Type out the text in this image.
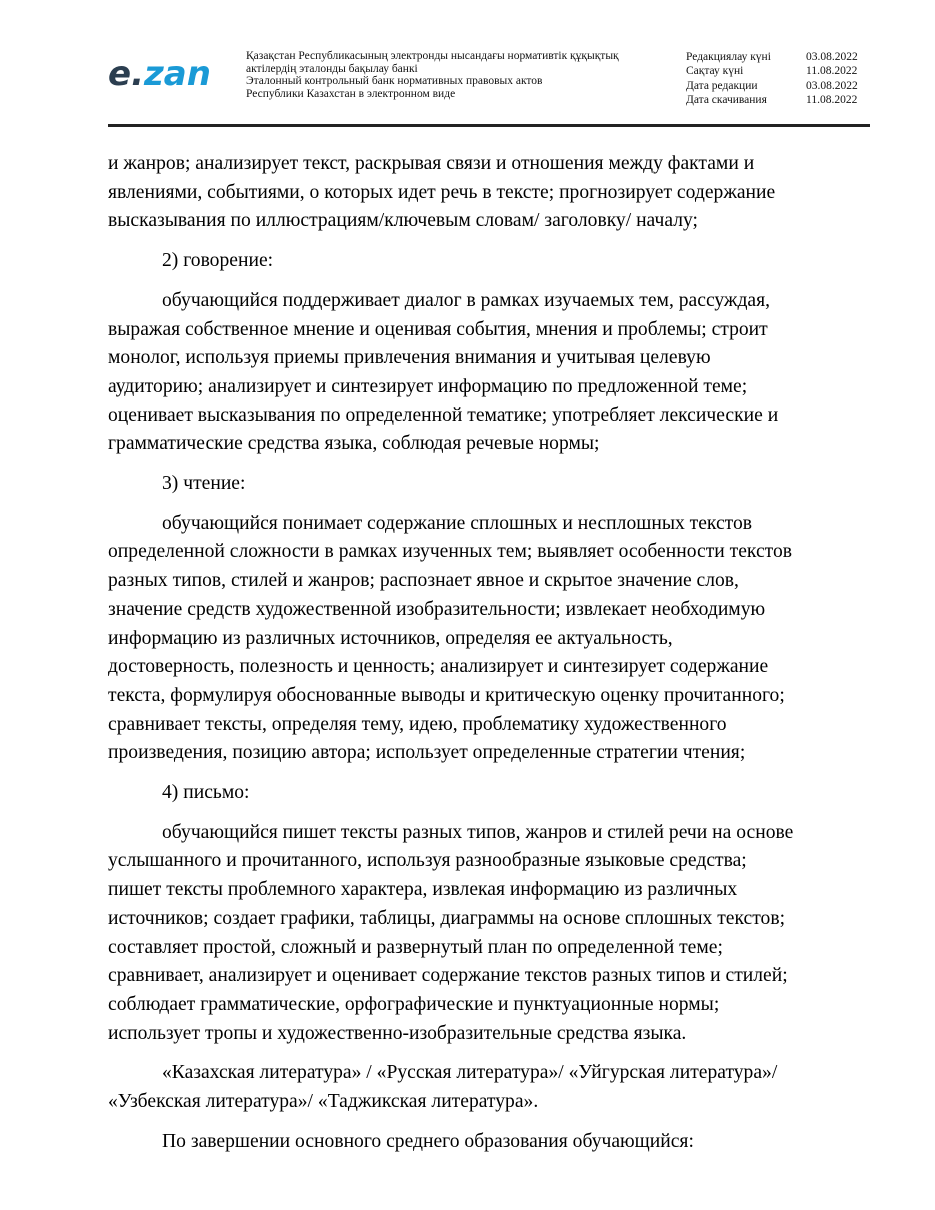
e.zan	Қазақстан Республикасының электронды нысандағы нормативтік құқықтық
актілердің эталонды бақылау банкі
Эталонный контрольный банк нормативных правовых актов
Республики Казахстан в электронном виде
Редакциялау күні	03.08.2022
Сақтау күні	11.08.2022
Дата редакции	03.08.2022
Дата скачивания	11.08.2022

и жанров; анализирует текст, раскрывая связи и отношения между фактами и
явлениями, событиями, о которых идет речь в тексте; прогнозирует содержание
высказывания по иллюстрациям/ключевым словам/ заголовку/ началу;

2) говорение:

обучающийся поддерживает диалог в рамках изучаемых тем, рассуждая,
выражая собственное мнение и оценивая события, мнения и проблемы; строит
монолог, используя приемы привлечения внимания и учитывая целевую
аудиторию; анализирует и синтезирует информацию по предложенной теме;
оценивает высказывания по определенной тематике; употребляет лексические и
грамматические средства языка, соблюдая речевые нормы;

3) чтение:

обучающийся понимает содержание сплошных и несплошных текстов
определенной сложности в рамках изученных тем; выявляет особенности текстов
разных типов, стилей и жанров; распознает явное и скрытое значение слов,
значение средств художественной изобразительности; извлекает необходимую
информацию из различных источников, определяя ее актуальность,
достоверность, полезность и ценность; анализирует и синтезирует содержание
текста, формулируя обоснованные выводы и критическую оценку прочитанного;
сравнивает тексты, определяя тему, идею, проблематику художественного
произведения, позицию автора; использует определенные стратегии чтения;

4) письмо:

обучающийся пишет тексты разных типов, жанров и стилей речи на основе
услышанного и прочитанного, используя разнообразные языковые средства;
пишет тексты проблемного характера, извлекая информацию из различных
источников; создает графики, таблицы, диаграммы на основе сплошных текстов;
составляет простой, сложный и развернутый план по определенной теме;
сравнивает, анализирует и оценивает содержание текстов разных типов и стилей;
соблюдает грамматические, орфографические и пунктуационные нормы;
использует тропы и художественно-изобразительные средства языка.

«Казахская литература» / «Русская литература»/ «Уйгурская литература»/
«Узбекская литература»/ «Таджикская литература».

По завершении основного среднего образования обучающийся:
